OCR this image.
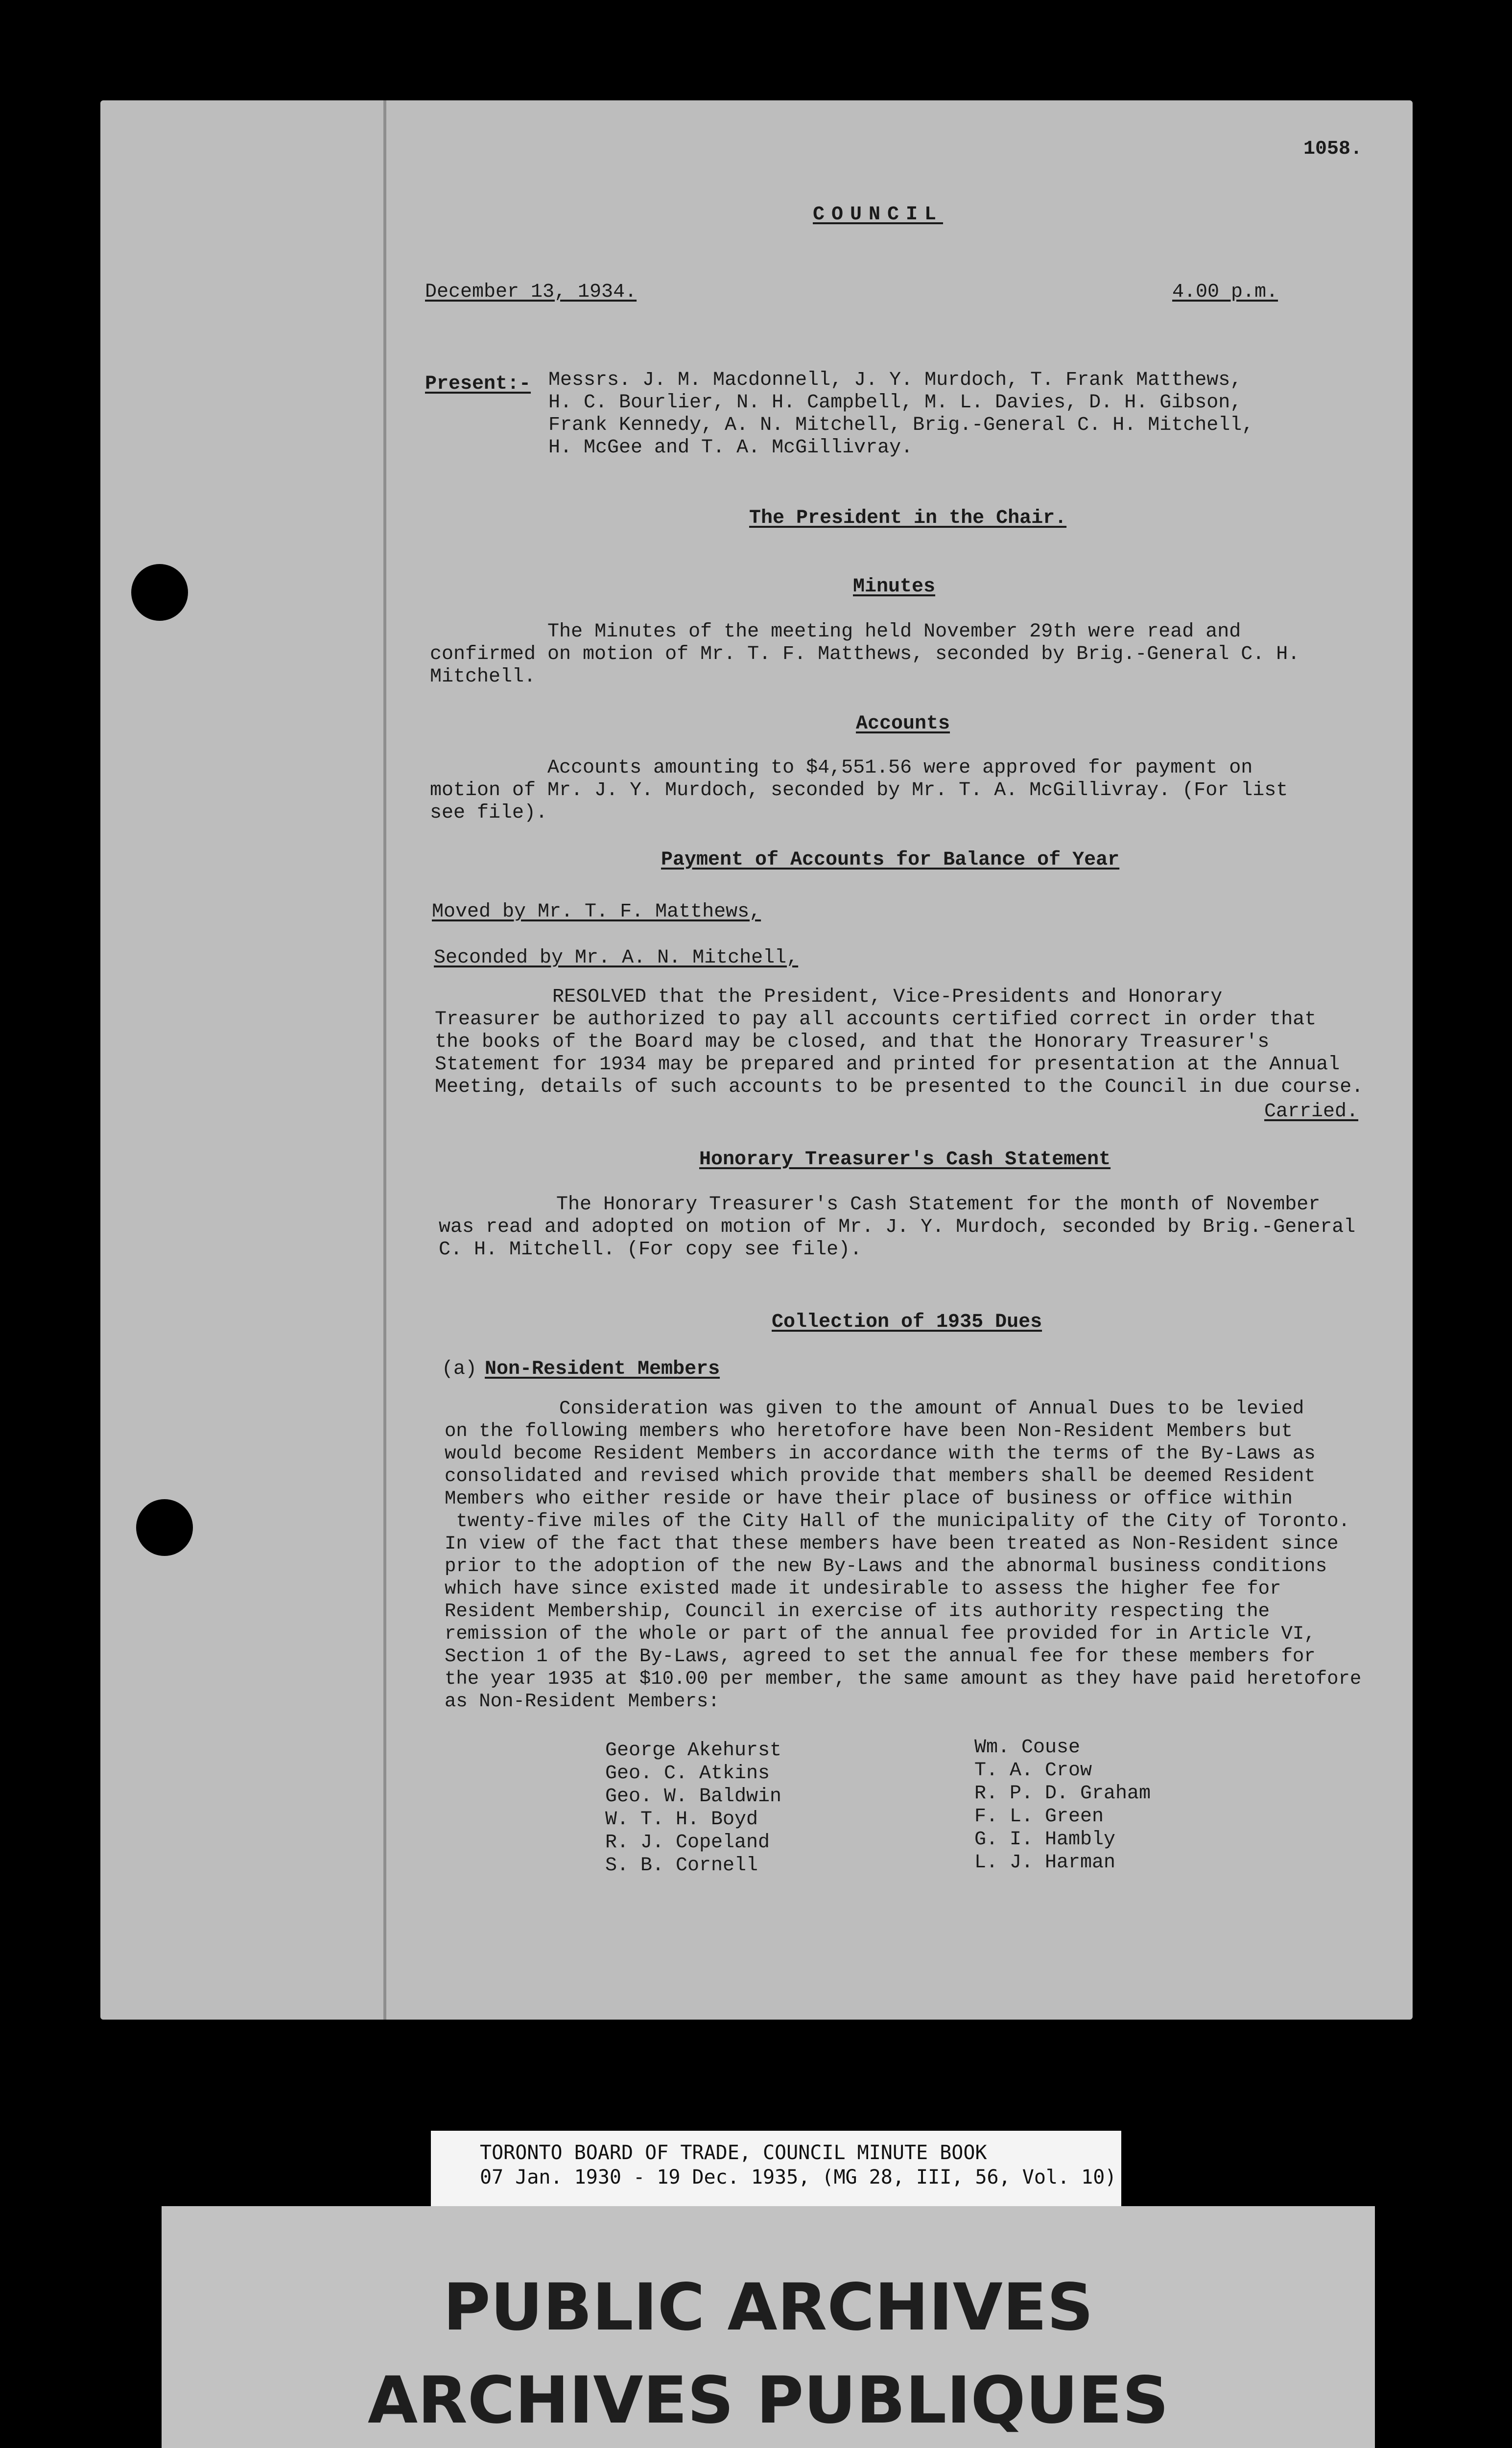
1058.
COUNCIL
December 13, 1934.	4.00 p.m.
Present:- Messrs. J. M. Macdonnell, J. Y. Murdoch, T. Frank Matthews,
H. C. Bourlier, N. H. Campbell, M. L. Davies, D. H. Gibson,
Frank Kennedy, A. N. Mitchell, Brig.-General C. H. Mitchell,
H. McGee and T. A. McGillivray.
The President in the Chair.
Minutes
The Minutes of the meeting held November 29th were read and
confirmed on motion of Mr. T. F. Matthews, seconded by Brig.-General C. H.
Mitchell.
Accounts
Accounts amounting to $4,551.56 were approved for payment on
motion of Mr. J. Y. Murdoch, seconded by Mr. T. A. McGillivray. (For list
see file).
Payment of Accounts for Balance of Year
Moved by Mr. T. F. Matthews,
Seconded by Mr. A. N. Mitchell,
RESOLVED that the President, Vice-Presidents and Honorary
Treasurer be authorized to pay all accounts certified correct in order that
the books of the Board may be closed, and that the Honorary Treasurer's
Statement for 1934 may be prepared and printed for presentation at the Annual
Meeting, details of such accounts to be presented to the Council in due course.
Carried.
Honorary Treasurer's Cash Statement
The Honorary Treasurer's Cash Statement for the month of November
was read and adopted on motion of Mr. J. Y. Murdoch, seconded by Brig.-General
C. H. Mitchell. (For copy see file).
Collection of 1935 Dues
(a) Non-Resident Members
Consideration was given to the amount of Annual Dues to be levied
on the following members who heretofore have been Non-Resident Members but
would become Resident Members in accordance with the terms of the By-Laws as
consolidated and revised which provide that members shall be deemed Resident
Members who either reside or have their place of business or office within
twenty-five miles of the City Hall of the municipality of the City of Toronto.
In view of the fact that these members have been treated as Non-Resident since
prior to the adoption of the new By-Laws and the abnormal business conditions
which have since existed made it undesirable to assess the higher fee for
Resident Membership, Council in exercise of its authority respecting the
remission of the whole or part of the annual fee provided for in Article VI,
Section 1 of the By-Laws, agreed to set the annual fee for these members for
the year 1935 at $10.00 per member, the same amount as they have paid heretofore
as Non-Resident Members:
George Akehurst
Geo. C. Atkins
Geo. W. Baldwin
W. T. H. Boyd
R. J. Copeland
S. B. Cornell
Wm. Couse
T. A. Crow
R. P. D. Graham
F. L. Green
G. I. Hambly
L. J. Harman
TORONTO BOARD OF TRADE, COUNCIL MINUTE BOOK
07 Jan. 1930 - 19 Dec. 1935, (MG 28, III, 56, Vol. 10)
PUBLIC ARCHIVES
ARCHIVES PUBLIQUES
